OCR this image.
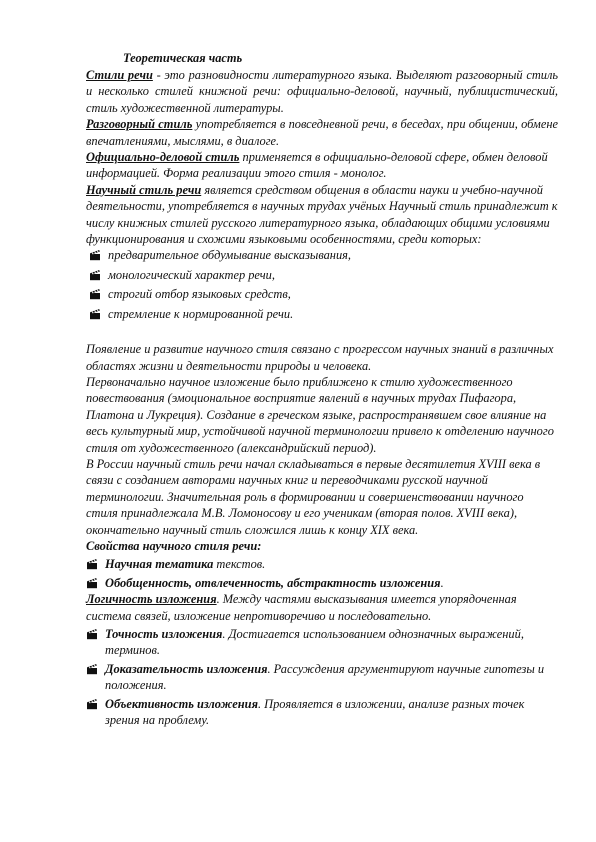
Теоретическая часть

Стили речи - это разновидности литературного языка. Выделяют разговорный стиль и несколько стилей книжной речи: официально-деловой, научный, публицистический, стиль художественной литературы.

Разговорный стиль употребляется в повседневной речи, в беседах, при общении, обмене впечатлениями, мыслями, в диалоге.

Официально-деловой стиль применяется в официально-деловой сфере, обмен деловой информацией. Форма реализации этого стиля - монолог.

Научный стиль речи является средством общения в области науки и учебно-научной деятельности, употребляется в научных трудах учёных Научный стиль принадлежит к числу книжных стилей русского литературного языка, обладающих общими условиями функционирования и схожими языковыми особенностями, среди которых:

предварительное обдумывание высказывания,
монологический характер речи,
строгий отбор языковых средств,
стремление к нормированной речи.

Появление и развитие научного стиля связано с прогрессом научных знаний в различных областях жизни и деятельности природы и человека.

Первоначально научное изложение было приближено к стилю художественного повествования (эмоциональное восприятие явлений в научных трудах Пифагора, Платона и Лукреция). Создание в греческом языке, распространявшем свое влияние на весь культурный мир, устойчивой научной терминологии привело к отделению научного стиля от художественного (александрийский период).

В России научный стиль речи начал складываться в первые десятилетия XVIII века в связи с созданием авторами научных книг и переводчиками русской научной терминологии. Значительная роль в формировании и совершенствовании научного стиля принадлежала М.В. Ломоносову и его ученикам (вторая полов. XVIII века), окончательно научный стиль сложился лишь к концу XIX века.

Свойства научного стиля речи:

Научная тематика текстов.
Обобщенность, отвлеченность, абстрактность изложения.

Логичность изложения. Между частями высказывания имеется упорядоченная система связей, изложение непротиворечиво и последовательно.

Точность изложения. Достигается использованием однозначных выражений, терминов.
Доказательность изложения. Рассуждения аргументируют научные гипотезы и положения.
Объективность изложения. Проявляется в изложении, анализе разных точек зрения на проблему.
